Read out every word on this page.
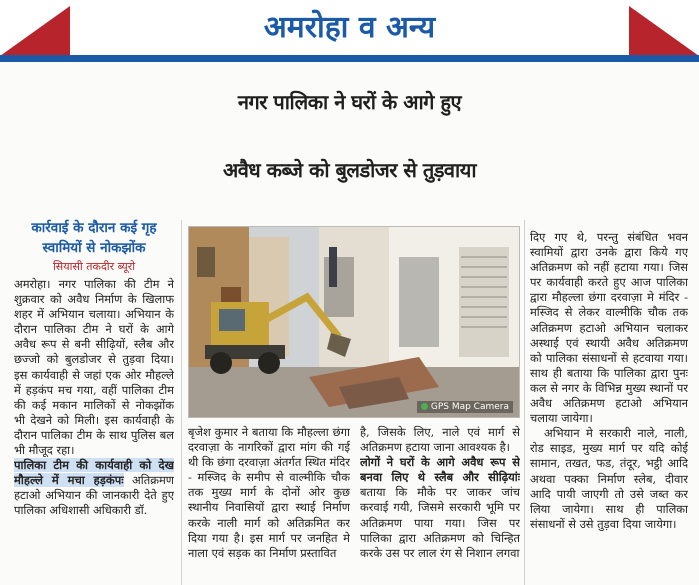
अमरोहा व अन्य
नगर पालिका ने घरों के आगे हुए
अवैध कब्जे को बुलडोजर से तुड़वाया
कार्रवाई के दौरान कई गृह स्वामियों से नोकझोंक
सियासी तकदीर ब्यूरो

अमरोहा। नगर पालिका की टीम ने शुक्रवार को अवैध निर्माण के खिलाफ शहर में अभियान चलाया। अभियान के दौरान पालिका टीम ने घरों के आगे अवैध रूप से बनी सीढ़ियों, स्लैब और छज्जो को बुलडोजर से तुड़वा दिया। इस कार्यवाही से जहां एक ओर मौहल्ले में हड़कंप मच गया, वहीं पालिका टीम की कई मकान मालिकों से नोकझोंक भी देखने को मिली। इस कार्यवाही के दौरान पालिका टीम के साथ पुलिस बल भी मौजूद रहा।

पालिका टीम की कार्यवाही को देख मौहल्ले में मचा हड़कंपः अतिक्रमण हटाओ अभियान की जानकारी देते हुए पालिका अधिशासी अधिकारी डॉ.

GPS Map Camera

बृजेश कुमार ने बताया कि मौहल्ला छंगा दरवाज़ा के नागरिकों द्वारा मांग की गई थी कि छंगा दरवाज़ा अंतर्गत स्थित मंदिर - मस्जिद के समीप से वाल्मीकि चौक तक मुख्य मार्ग के दोनों ओर कुछ स्थानीय निवासियों द्वारा स्थाई निर्माण करके नाली मार्ग को अतिक्रमित कर दिया गया है। इस मार्ग पर जनहित मे नाला एवं सड़क का निर्माण प्रस्तावित

है, जिसके लिए, नाले एवं मार्ग से अतिक्रमण हटाया जाना आवश्यक है।

लोगों ने घरों के आगे अवैध रूप से बनवा लिए थे स्लैब और सीढ़ियांः बताया कि मौके पर जाकर जांच करवाई गयी, जिसमे सरकारी भूमि पर अतिक्रमण पाया गया। जिस पर पालिका द्वारा अतिक्रमण को चिन्हित करके उस पर लाल रंग से निशान लगवा

दिए गए थे, परन्तु संबंधित भवन स्वामियों द्वारा उनके द्वारा किये गए अतिक्रमण को नहीं हटाया गया। जिस पर कार्यवाही करते हुए आज पालिका द्वारा मौहल्ला छंगा दरवाज़ा मे मंदिर - मस्जिद से लेकर वाल्मीकि चौक तक अतिक्रमण हटाओ अभियान चलाकर अस्थाई एवं स्थायी अवैध अतिक्रमण को पालिका संसाधनों से हटवाया गया। साथ ही बताया कि पालिका द्वारा पुनः कल से नगर के विभिन्न मुख्य स्थानों पर अवैध अतिक्रमण हटाओ अभियान चलाया जायेगा।

अभियान मे सरकारी नाले, नाली, रोड साइड, मुख्य मार्ग पर यदि कोई सामान, तखत, फड, तंदूर, भट्ठी आदि अथवा पक्का निर्माण स्लेब, दीवार आदि पायी जाएगी तो उसे जब्त कर लिया जायेगा। साथ ही पालिका संसाधनों से उसे तुड़वा दिया जायेगा।
